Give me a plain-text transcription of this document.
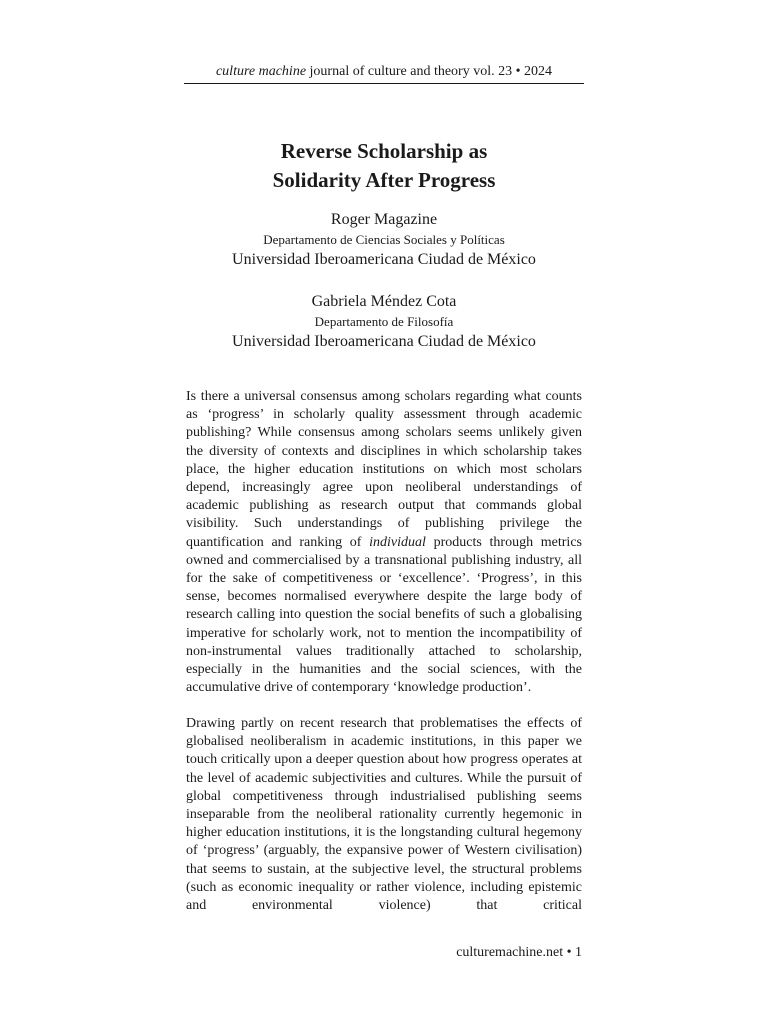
culture machine journal of culture and theory vol. 23 • 2024
Reverse Scholarship as
Solidarity After Progress
Roger Magazine
Departamento de Ciencias Sociales y Políticas
Universidad Iberoamericana Ciudad de México
Gabriela Méndez Cota
Departamento de Filosofía
Universidad Iberoamericana Ciudad de México

Is there a universal consensus among scholars regarding what counts as ‘progress’ in scholarly quality assessment through academic publishing? While consensus among scholars seems unlikely given the diversity of contexts and disciplines in which scholarship takes place, the higher education institutions on which most scholars depend, increasingly agree upon neoliberal understandings of academic publishing as research output that commands global visibility. Such understandings of publishing privilege the quantification and ranking of individual products through metrics owned and commercialised by a transnational publishing industry, all for the sake of competitiveness or ‘excellence’. ‘Progress’, in this sense, becomes normalised everywhere despite the large body of research calling into question the social benefits of such a globalising imperative for scholarly work, not to mention the incompatibility of non-instrumental values traditionally attached to scholarship, especially in the humanities and the social sciences, with the accumulative drive of contemporary ‘knowledge production’.

Drawing partly on recent research that problematises the effects of globalised neoliberalism in academic institutions, in this paper we touch critically upon a deeper question about how progress operates at the level of academic subjectivities and cultures. While the pursuit of global competitiveness through industrialised publishing seems inseparable from the neoliberal rationality currently hegemonic in higher education institutions, it is the longstanding cultural hegemony of ‘progress’ (arguably, the expansive power of Western civilisation) that seems to sustain, at the subjective level, the structural problems (such as economic inequality or rather violence, including epistemic and environmental violence) that critical

culturemachine.net • 1
